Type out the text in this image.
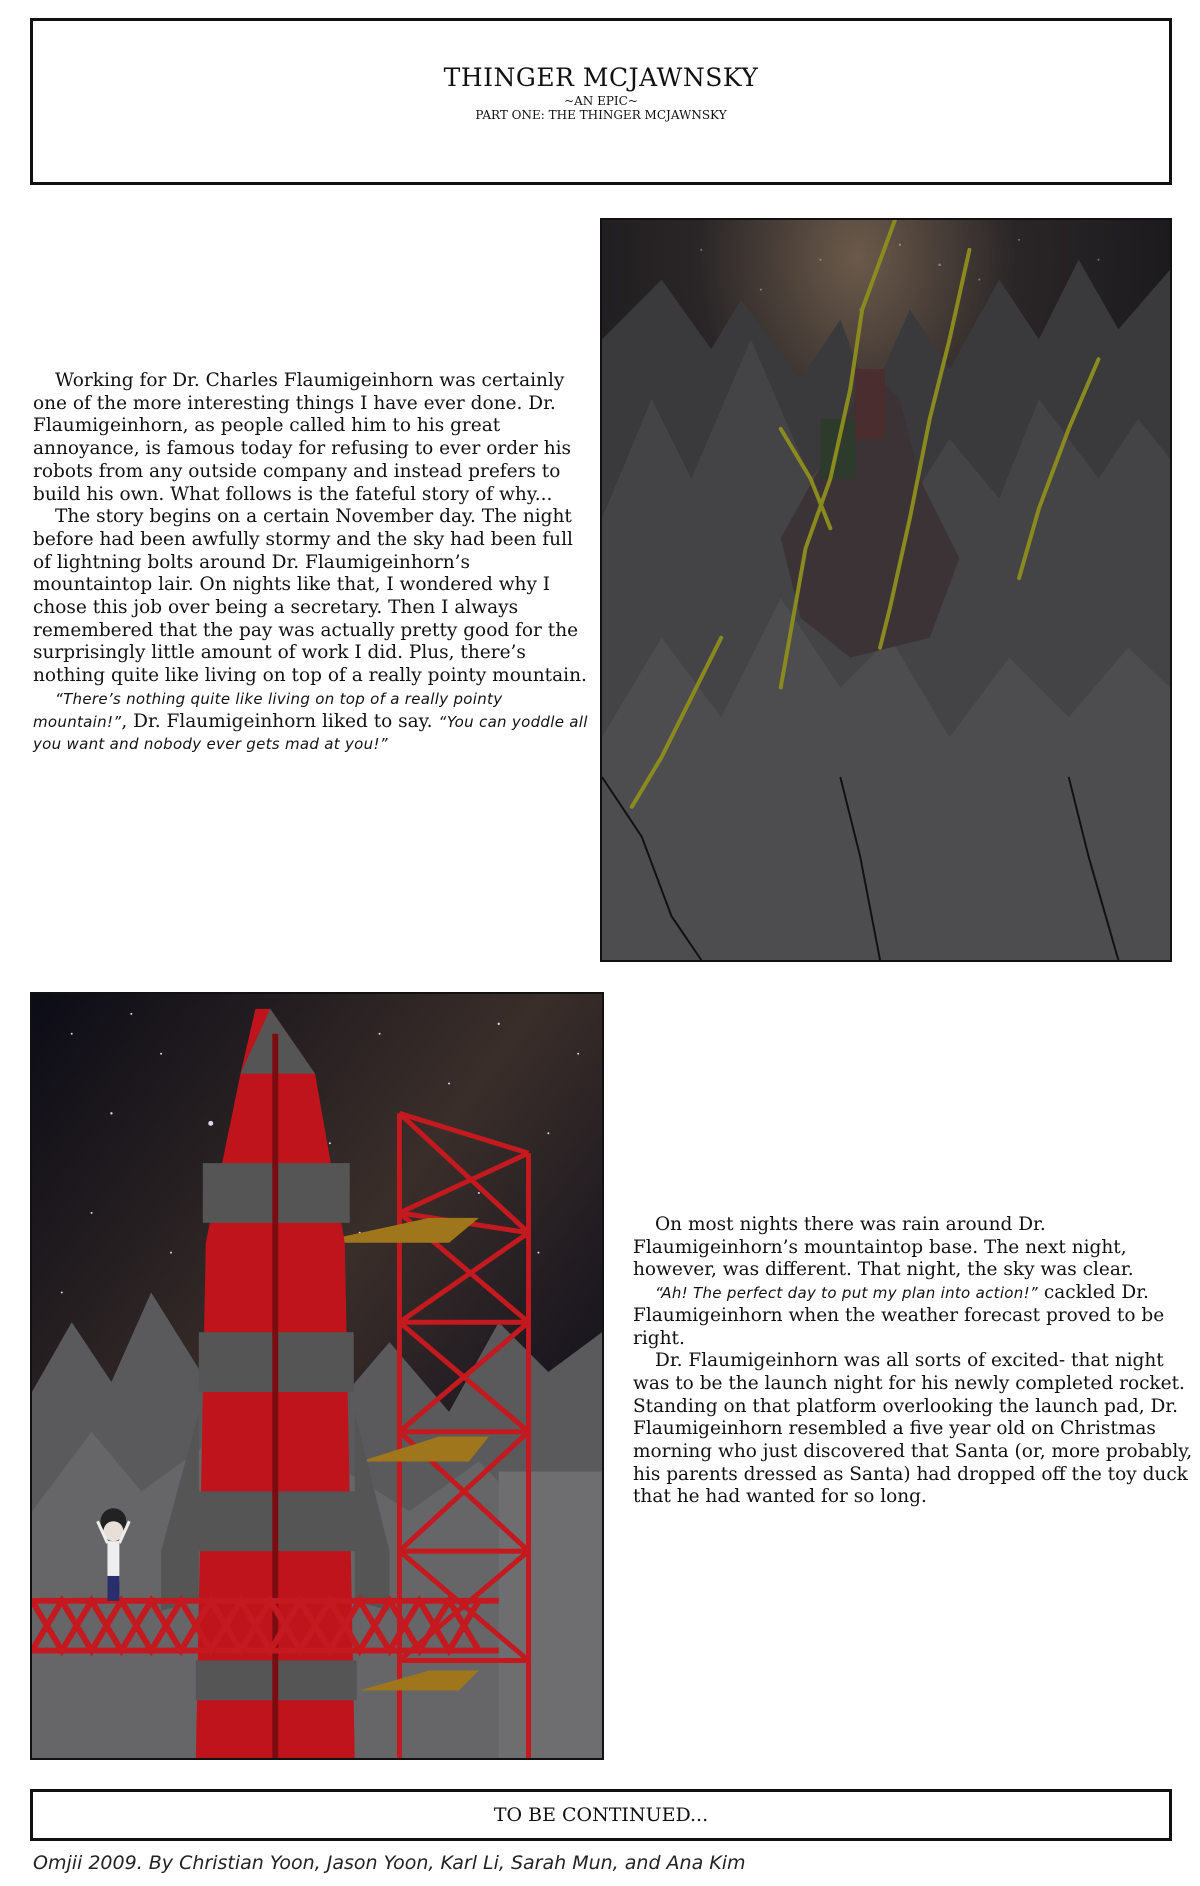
THINGER MCJAWNSKY
~AN EPIC~
PART ONE: THE THINGER MCJAWNSKY

Working for Dr. Charles Flaumigeinhorn was certainly one of the more interesting things I have ever done. Dr. Flaumigeinhorn, as people called him to his great annoyance, is famous today for refusing to ever order his robots from any outside company and instead prefers to build his own. What follows is the fateful story of why...

The story begins on a certain November day. The night before had been awfully stormy and the sky had been full of lightning bolts around Dr. Flaumigeinhorn’s mountaintop lair. On nights like that, I wondered why I chose this job over being a secretary. Then I always remembered that the pay was actually pretty good for the surprisingly little amount of work I did. Plus, there’s nothing quite like living on top of a really pointy mountain.

“There’s nothing quite like living on top of a really pointy mountain!”, Dr. Flaumigeinhorn liked to say. “You can yoddle all you want and nobody ever gets mad at you!”

On most nights there was rain around Dr. Flaumigeinhorn’s mountaintop base. The next night, however, was different. That night, the sky was clear.

“Ah! The perfect day to put my plan into action!” cackled Dr. Flaumigeinhorn when the weather forecast proved to be right.

Dr. Flaumigeinhorn was all sorts of excited- that night was to be the launch night for his newly completed rocket. Standing on that platform overlooking the launch pad, Dr. Flaumigeinhorn resembled a five year old on Christmas morning who just discovered that Santa (or, more probably, his parents dressed as Santa) had dropped off the toy duck that he had wanted for so long.

TO BE CONTINUED...
Omjii 2009. By Christian Yoon, Jason Yoon, Karl Li, Sarah Mun, and Ana Kim
